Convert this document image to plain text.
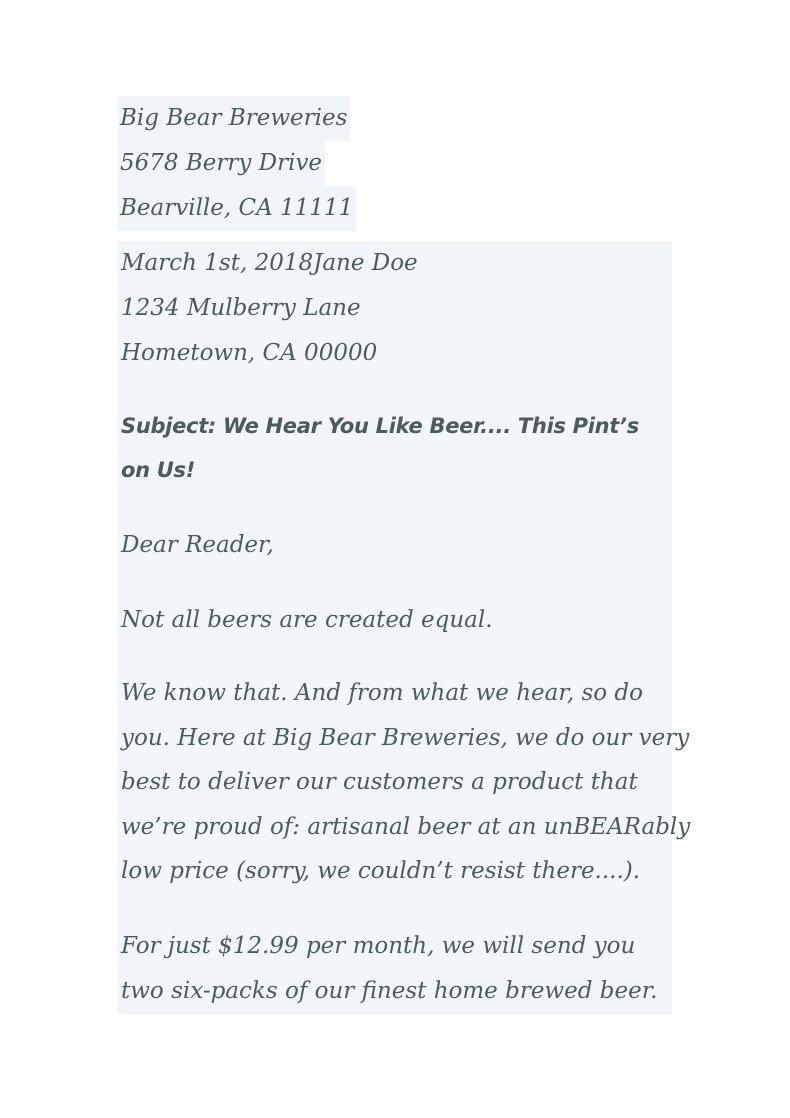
Big Bear Breweries
5678 Berry Drive
Bearville, CA 11111
March 1st, 2018Jane Doe
1234 Mulberry Lane
Hometown, CA 00000
Subject: We Hear You Like Beer.... This Pint’s on Us!
Dear Reader,
Not all beers are created equal.
We know that. And from what we hear, so do
you. Here at Big Bear Breweries, we do our very
best to deliver our customers a product that
we’re proud of: artisanal beer at an unBEARably
low price (sorry, we couldn’t resist there....).
For just $12.99 per month, we will send you
two six-packs of our finest home brewed beer.
